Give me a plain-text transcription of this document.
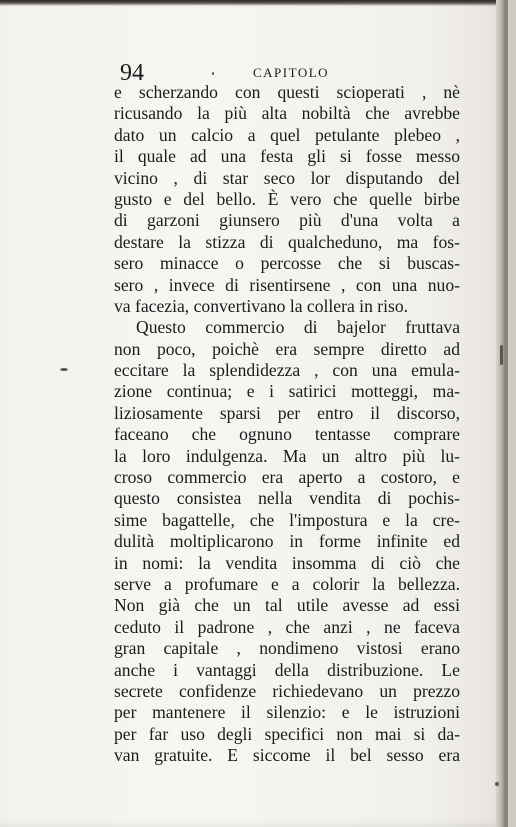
94	CAPITOLO
e scherzando con questi scioperati , nè
ricusando la più alta nobiltà che avrebbe
dato un calcio a quel petulante plebeo ,
il quale ad una festa gli si fosse messo
vicino , di star seco lor disputando del
gusto e del bello. È vero che quelle birbe
di garzoni giunsero più d'una volta a
destare la stizza di qualcheduno, ma fos-
sero minacce o percosse che si buscas-
sero , invece di risentirsene , con una nuo-
va facezia, convertivano la collera in riso.
Questo commercio di bajelor fruttava
non poco, poichè era sempre diretto ad
eccitare la splendidezza , con una emula-
zione continua; e i satirici motteggi, ma-
liziosamente sparsi per entro il discorso,
faceano che ognuno tentasse comprare
la loro indulgenza. Ma un altro più lu-
croso commercio era aperto a costoro, e
questo consistea nella vendita di pochis-
sime bagattelle, che l'impostura e la cre-
dulità moltiplicarono in forme infinite ed
in nomi: la vendita insomma di ciò che
serve a profumare e a colorir la bellezza.
Non già che un tal utile avesse ad essi
ceduto il padrone , che anzi , ne faceva
gran capitale , nondimeno vistosi erano
anche i vantaggi della distribuzione. Le
secrete confidenze richiedevano un prezzo
per mantenere il silenzio: e le istruzioni
per far uso degli specifici non mai si da-
van gratuite. E siccome il bel sesso era
